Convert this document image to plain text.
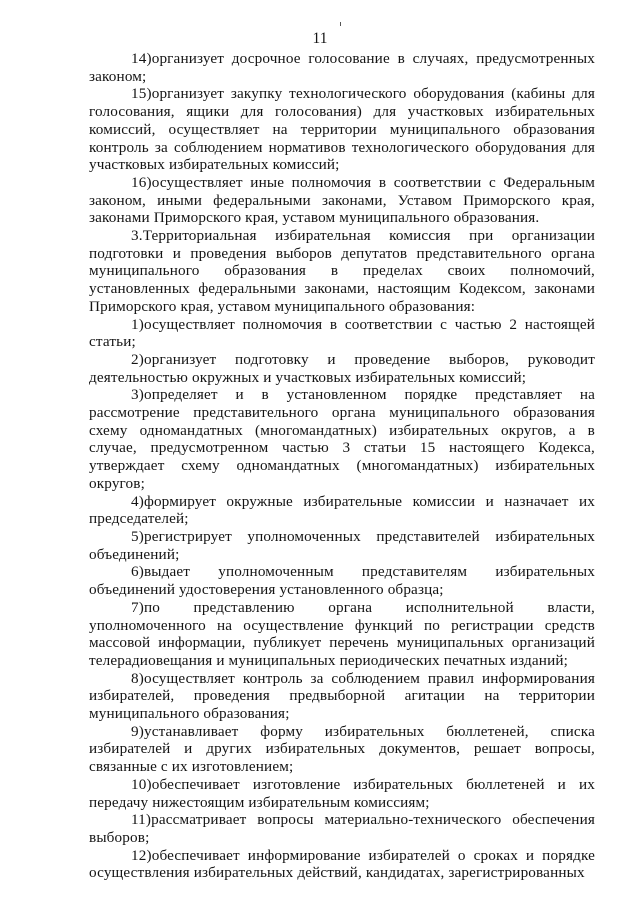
11

14)организует досрочное голосование в случаях, предусмотренных законом;

15)организует закупку технологического оборудования (кабины для голосования, ящики для голосования) для участковых избирательных комиссий, осуществляет на территории муниципального образования контроль за соблюдением нормативов технологического оборудования для участковых избирательных комиссий;

16)осуществляет иные полномочия в соответствии с Федеральным законом, иными федеральными законами, Уставом Приморского края, законами Приморского края, уставом муниципального образования.

3.Территориальная избирательная комиссия при организации подготовки и проведения выборов депутатов представительного органа муниципального образования в пределах своих полномочий, установленных федеральными законами, настоящим Кодексом, законами Приморского края, уставом муниципального образования:

1)осуществляет полномочия в соответствии с частью 2 настоящей статьи;

2)организует подготовку и проведение выборов, руководит деятельностью окружных и участковых избирательных комиссий;

3)определяет и в установленном порядке представляет на рассмотрение представительного органа муниципального образования схему одномандатных (многомандатных) избирательных округов, а в случае, предусмотренном частью 3 статьи 15 настоящего Кодекса, утверждает схему одномандатных (многомандатных) избирательных округов;

4)формирует окружные избирательные комиссии и назначает их председателей;

5)регистрирует уполномоченных представителей избирательных объединений;

6)выдает уполномоченным представителям избирательных объединений удостоверения установленного образца;

7)по представлению органа исполнительной власти, уполномоченного на осуществление функций по регистрации средств массовой информации, публикует перечень муниципальных организаций телерадиовещания и муниципальных периодических печатных изданий;

8)осуществляет контроль за соблюдением правил информирования избирателей, проведения предвыборной агитации на территории муниципального образования;

9)устанавливает форму избирательных бюллетеней, списка избирателей и других избирательных документов, решает вопросы, связанные с их изготовлением;

10)обеспечивает изготовление избирательных бюллетеней и их передачу нижестоящим избирательным комиссиям;

11)рассматривает вопросы материально-технического обеспечения выборов;

12)обеспечивает информирование избирателей о сроках и порядке осуществления избирательных действий, кандидатах, зарегистрированных
